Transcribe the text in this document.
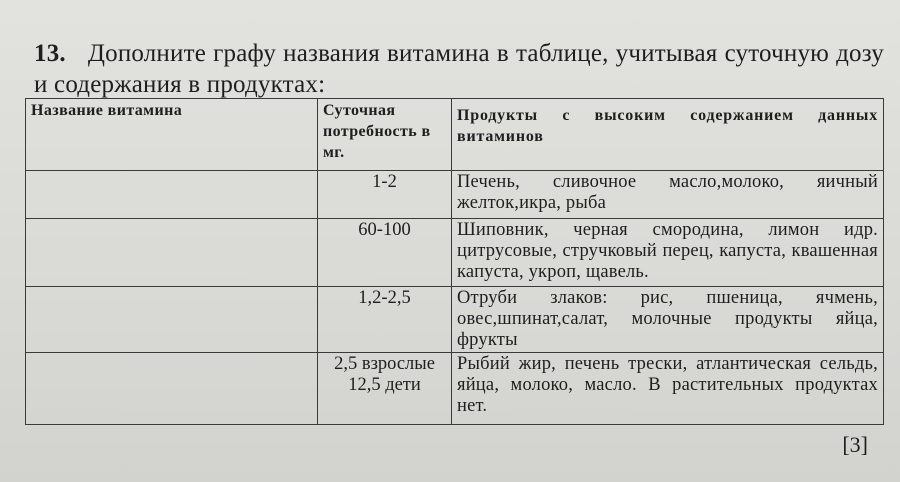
13. Дополните графу названия витамина в таблице, учитывая суточную дозу и содержания в продуктах:
Название витамина	Суточная потребность в мг.	Продукты с высоким содержанием данных витаминов
	1-2	Печень, сливочное масло,молоко, яичный желток,икра, рыба
	60-100	Шиповник, черная смородина, лимон идр. цитрусовые, стручковый перец, капуста, квашенная капуста, укроп, щавель.
	1,2-2,5	Отруби злаков: рис, пшеница, ячмень, овес,шпинат,салат, молочные продукты яйца, фрукты
	2,5 взрослые 12,5 дети	Рыбий жир, печень трески, атлантическая сельдь, яйца, молоко, масло. В растительных продуктах нет.
[3]
